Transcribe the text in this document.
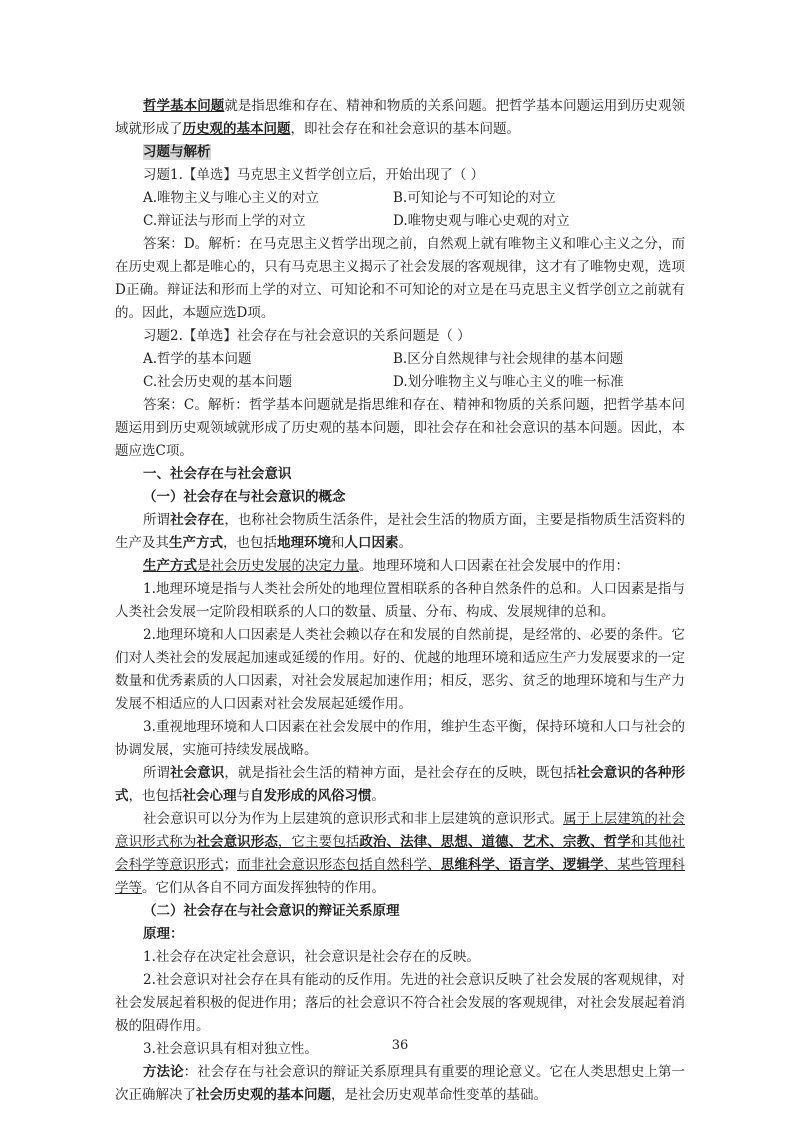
哲学基本问题就是指思维和存在、精神和物质的关系问题。把哲学基本问题运用到历史观领域就形成了历史观的基本问题，即社会存在和社会意识的基本问题。

习题与解析

习题1.【单选】马克思主义哲学创立后，开始出现了（ ）

A.唯物主义与唯心主义的对立	B.可知论与不可知论的对立
C.辩证法与形而上学的对立	D.唯物史观与唯心史观的对立

答案：D。解析：在马克思主义哲学出现之前，自然观上就有唯物主义和唯心主义之分，而在历史观上都是唯心的，只有马克思主义揭示了社会发展的客观规律，这才有了唯物史观，选项D正确。辩证法和形而上学的对立、可知论和不可知论的对立是在马克思主义哲学创立之前就有的。因此，本题应选D项。

习题2.【单选】社会存在与社会意识的关系问题是（ ）

A.哲学的基本问题	B.区分自然规律与社会规律的基本问题
C.社会历史观的基本问题	D.划分唯物主义与唯心主义的唯一标准

答案：C。解析：哲学基本问题就是指思维和存在、精神和物质的关系问题，把哲学基本问题运用到历史观领域就形成了历史观的基本问题，即社会存在和社会意识的基本问题。因此，本题应选C项。

一、社会存在与社会意识

（一）社会存在与社会意识的概念

所谓社会存在，也称社会物质生活条件，是社会生活的物质方面，主要是指物质生活资料的生产及其生产方式，也包括地理环境和人口因素。

生产方式是社会历史发展的决定力量。地理环境和人口因素在社会发展中的作用：

1.地理环境是指与人类社会所处的地理位置相联系的各种自然条件的总和。人口因素是指与人类社会发展一定阶段相联系的人口的数量、质量、分布、构成、发展规律的总和。

2.地理环境和人口因素是人类社会赖以存在和发展的自然前提，是经常的、必要的条件。它们对人类社会的发展起加速或延缓的作用。好的、优越的地理环境和适应生产力发展要求的一定数量和优秀素质的人口因素，对社会发展起加速作用；相反，恶劣、贫乏的地理环境和与生产力发展不相适应的人口因素对社会发展起延缓作用。

3.重视地理环境和人口因素在社会发展中的作用，维护生态平衡，保持环境和人口与社会的协调发展，实施可持续发展战略。

所谓社会意识，就是指社会生活的精神方面，是社会存在的反映，既包括社会意识的各种形式，也包括社会心理与自发形成的风俗习惯。

社会意识可以分为作为上层建筑的意识形式和非上层建筑的意识形式。属于上层建筑的社会意识形式称为社会意识形态，它主要包括政治、法律、思想、道德、艺术、宗教、哲学和其他社会科学等意识形式；而非社会意识形态包括自然科学、思维科学、语言学、逻辑学、某些管理科学等。它们从各自不同方面发挥独特的作用。

（二）社会存在与社会意识的辩证关系原理

原理：

1.社会存在决定社会意识，社会意识是社会存在的反映。

2.社会意识对社会存在具有能动的反作用。先进的社会意识反映了社会发展的客观规律，对社会发展起着积极的促进作用；落后的社会意识不符合社会发展的客观规律，对社会发展起着消极的阻碍作用。

3.社会意识具有相对独立性。

方法论：社会存在与社会意识的辩证关系原理具有重要的理论意义。它在人类思想史上第一次正确解决了社会历史观的基本问题，是社会历史观革命性变革的基础。

36
